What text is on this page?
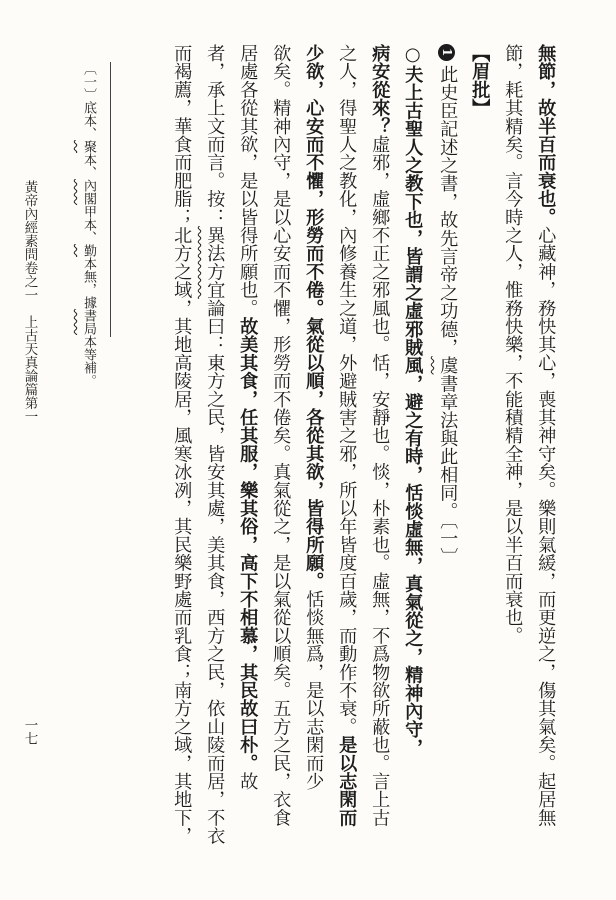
無節，故半百而衰也。心藏神，務快其心，喪其神守矣。樂則氣緩，而更逆之，傷其氣矣。起居無
節，耗其精矣。言今時之人，惟務快樂，不能積精全神，是以半百而衰也。
【眉批】
1此史臣記述之書，故先言帝之功德，虞書章法與此相同。〔一〕
○夫上古聖人之教下也，皆謂之虛邪賊風，避之有時，恬惔虛無，真氣從之，精神內守，
病安從來？虛邪，虛鄉不正之邪風也。恬，安靜也。惔，朴素也。虛無，不爲物欲所蔽也。言上古
之人，得聖人之教化，內修養生之道，外避賊害之邪，所以年皆度百歲，而動作不衰。是以志閑而
少欲，心安而不懼，形勞而不倦。氣從以順，各從其欲，皆得所願。恬惔無爲，是以志閑而少
欲矣。精神內守，是以心安而不懼，形勞而不倦矣。真氣從之，是以氣從以順矣。五方之民，衣食
居處各從其欲，是以皆得所願也。故美其食，任其服，樂其俗，高下不相慕，其民故曰朴。故
者，承上文而言。按：異法方宜論曰：東方之民，皆安其處，美其食，西方之民，依山陵而居，不衣
而褐薦，華食而肥脂；北方之域，其地高陵居，風寒冰冽，其民樂野處而乳食；南方之域，其地下，
〔一〕底本、聚本、內閣甲本、勤本無，據書局本等補。
黃帝內經素問卷之一　上古天真論篇第一
一七
